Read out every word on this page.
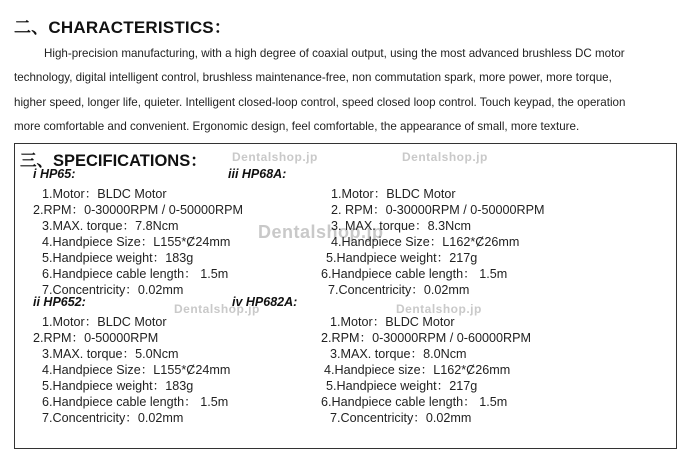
二、CHARACTERISTICS：
High-precision manufacturing, with a high degree of coaxial output, using the most advanced brushless DC motor
technology, digital intelligent control, brushless maintenance-free, non commutation spark, more power, more torque,
higher speed, longer life, quieter. Intelligent closed-loop control, speed closed loop control. Touch keypad, the operation
more comfortable and convenient. Ergonomic design, feel comfortable, the appearance of small, more texture.
三、SPECIFICATIONS： Dentalshop.jp	Dentalshop.jp
Dentalshop.jp
Dentalshop.jp	Dentalshop.jp
i HP65:
1.Motor：BLDC Motor
2.RPM：0-30000RPM / 0-50000RPM
3.MAX. torque：7.8Ncm
4.Handpiece Size：L155*Ȼ24mm
5.Handpiece weight：183g
6.Handpiece cable length： 1.5m
7.Concentricity：0.02mm
iii HP68A:
1.Motor：BLDC Motor
2. RPM：0-30000RPM / 0-50000RPM
3. MAX. torque：8.3Ncm
4.Handpiece Size：L162*Ȼ26mm
5.Handpiece weight：217g
6.Handpiece cable length： 1.5m
7.Concentricity：0.02mm
ii HP652:
1.Motor：BLDC Motor
2.RPM：0-50000RPM
3.MAX. torque：5.0Ncm
4.Handpiece Size：L155*Ȼ24mm
5.Handpiece weight：183g
6.Handpiece cable length： 1.5m
7.Concentricity：0.02mm
iv HP682A:
1.Motor：BLDC Motor
2.RPM：0-30000RPM / 0-60000RPM
3.MAX. torque：8.0Ncm
4.Handpiece size：L162*Ȼ26mm
5.Handpiece weight：217g
6.Handpiece cable length： 1.5m
7.Concentricity：0.02mm
